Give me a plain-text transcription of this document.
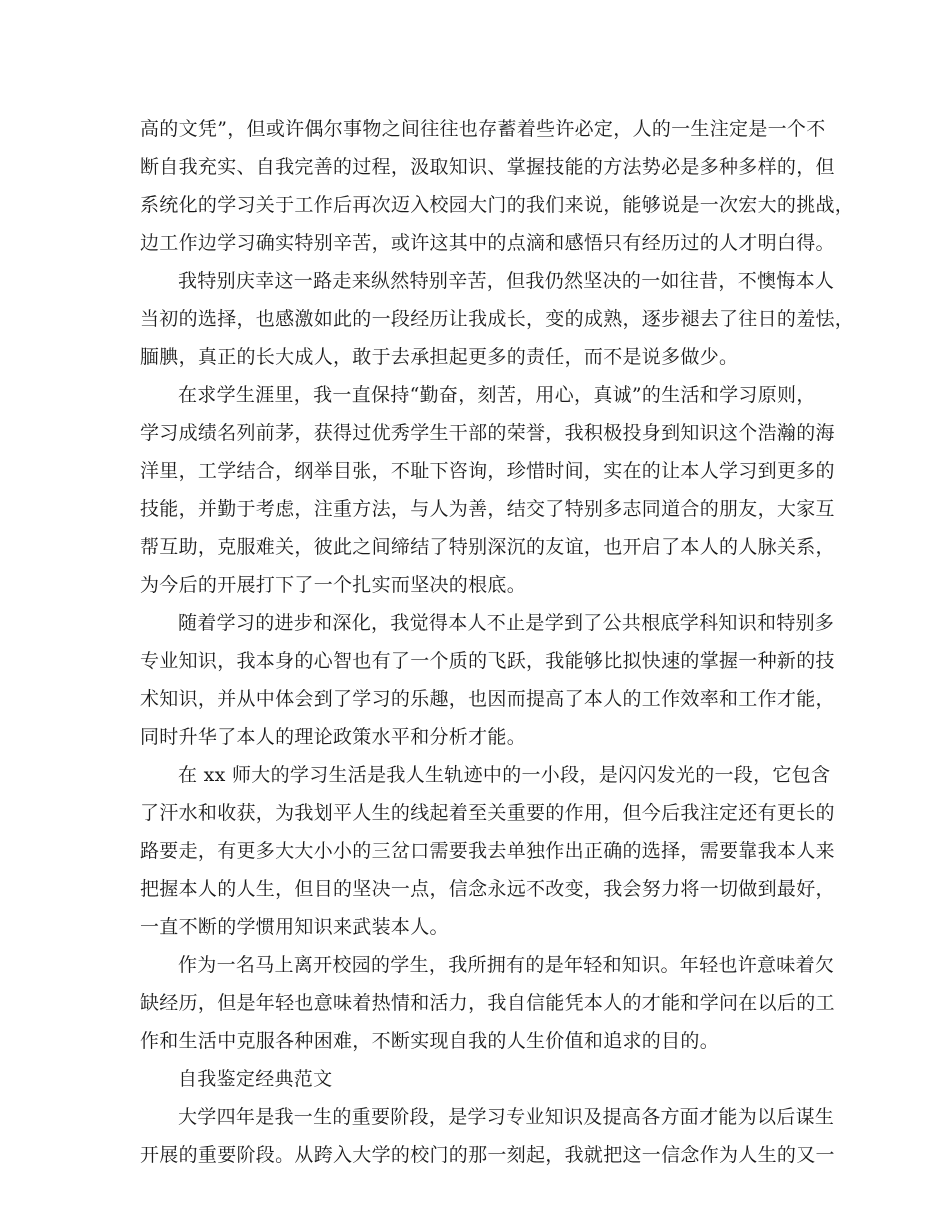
高的文凭”，但或许偶尔事物之间往往也存蓄着些许必定，人的一生注定是一个不
断自我充实、自我完善的过程，汲取知识、掌握技能的方法势必是多种多样的，但
系统化的学习关于工作后再次迈入校园大门的我们来说，能够说是一次宏大的挑战，
边工作边学习确实特别辛苦，或许这其中的点滴和感悟只有经历过的人才明白得。
我特别庆幸这一路走来纵然特别辛苦，但我仍然坚决的一如往昔，不懊悔本人
当初的选择，也感激如此的一段经历让我成长，变的成熟，逐步褪去了往日的羞怯，
腼腆，真正的长大成人，敢于去承担起更多的责任，而不是说多做少。
在求学生涯里，我一直保持“勤奋，刻苦，用心，真诚”的生活和学习原则，
学习成绩名列前茅，获得过优秀学生干部的荣誉，我积极投身到知识这个浩瀚的海
洋里，工学结合，纲举目张，不耻下咨询，珍惜时间，实在的让本人学习到更多的
技能，并勤于考虑，注重方法，与人为善，结交了特别多志同道合的朋友，大家互
帮互助，克服难关，彼此之间缔结了特别深沉的友谊，也开启了本人的人脉关系，
为今后的开展打下了一个扎实而坚决的根底。
随着学习的进步和深化，我觉得本人不止是学到了公共根底学科知识和特别多
专业知识，我本身的心智也有了一个质的飞跃，我能够比拟快速的掌握一种新的技
术知识，并从中体会到了学习的乐趣，也因而提高了本人的工作效率和工作才能，
同时升华了本人的理论政策水平和分析才能。
在 xx 师大的学习生活是我人生轨迹中的一小段，是闪闪发光的一段，它包含
了汗水和收获，为我划平人生的线起着至关重要的作用，但今后我注定还有更长的
路要走，有更多大大小小的三岔口需要我去单独作出正确的选择，需要靠我本人来
把握本人的人生，但目的坚决一点，信念永远不改变，我会努力将一切做到最好，
一直不断的学惯用知识来武装本人。
作为一名马上离开校园的学生，我所拥有的是年轻和知识。年轻也许意味着欠
缺经历，但是年轻也意味着热情和活力，我自信能凭本人的才能和学问在以后的工
作和生活中克服各种困难，不断实现自我的人生价值和追求的目的。
自我鉴定经典范文
大学四年是我一生的重要阶段，是学习专业知识及提高各方面才能为以后谋生
开展的重要阶段。从跨入大学的校门的那一刻起，我就把这一信念作为人生的又一
